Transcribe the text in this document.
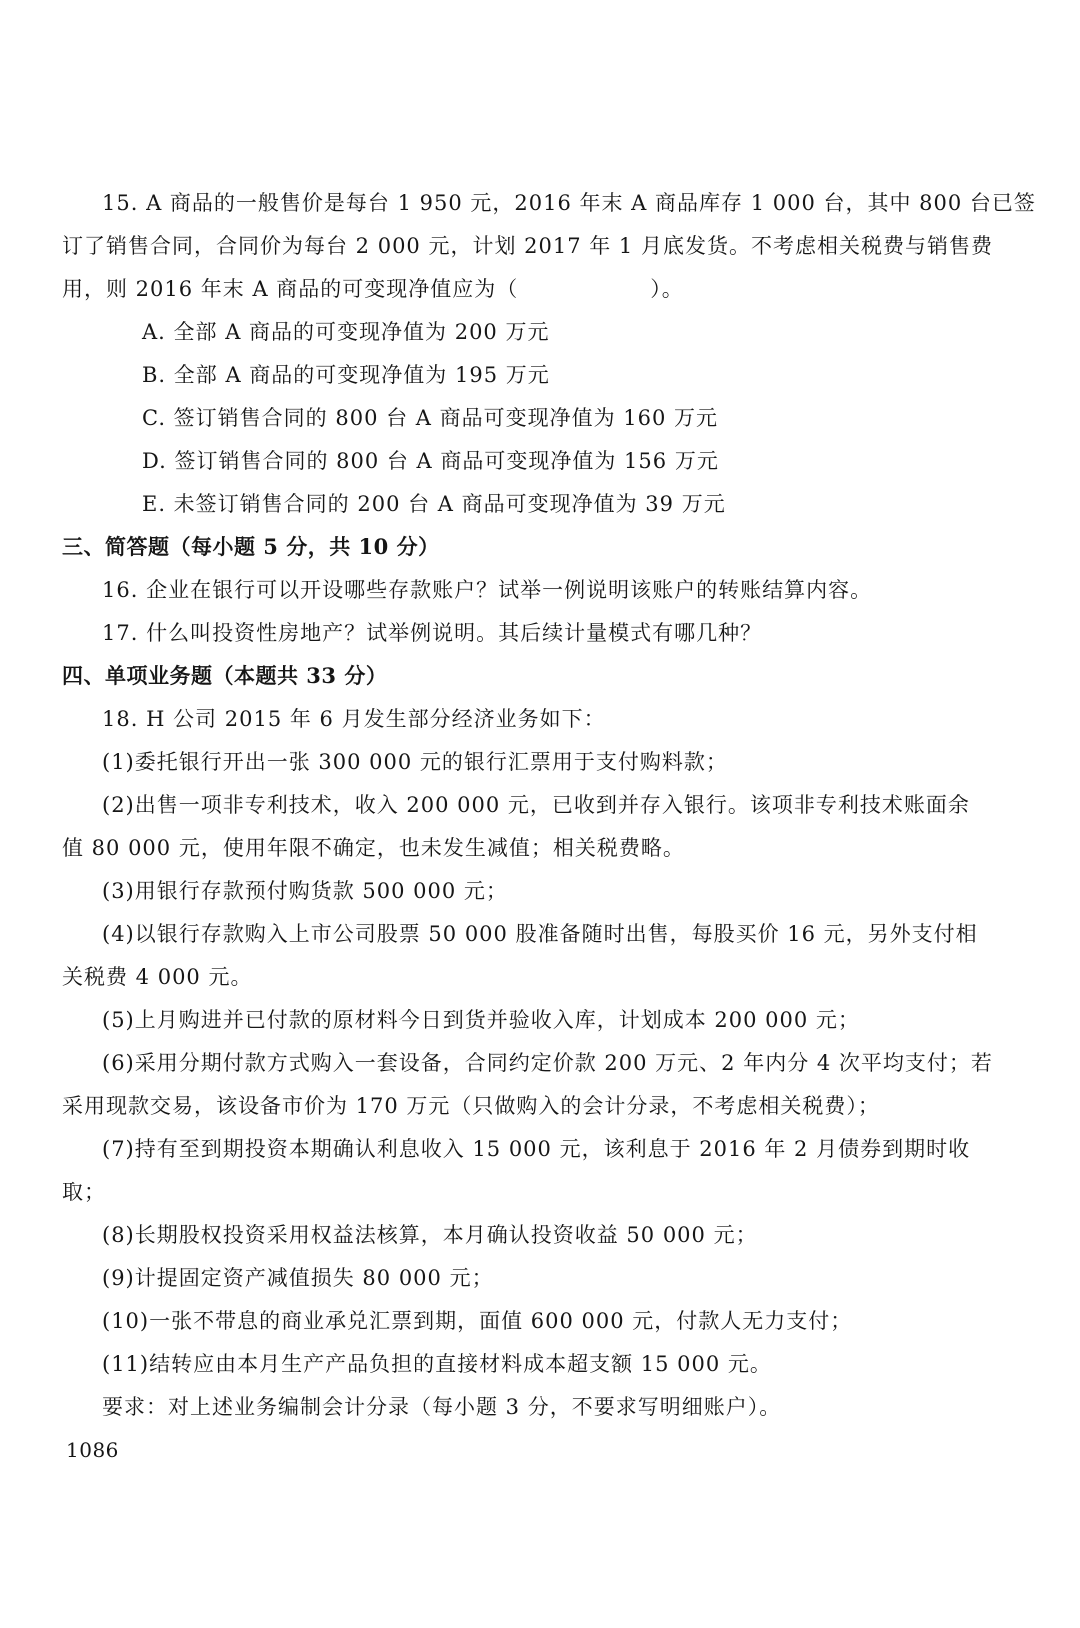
15. A 商品的一般售价是每台 1 950 元，2016 年末 A 商品库存 1 000 台，其中 800 台已签
订了销售合同，合同价为每台 2 000 元，计划 2017 年 1 月底发货。不考虑相关税费与销售费
用，则 2016 年末 A 商品的可变现净值应为（　　　　　　）。
A. 全部 A 商品的可变现净值为 200 万元
B. 全部 A 商品的可变现净值为 195 万元
C. 签订销售合同的 800 台 A 商品可变现净值为 160 万元
D. 签订销售合同的 800 台 A 商品可变现净值为 156 万元
E. 未签订销售合同的 200 台 A 商品可变现净值为 39 万元
三、简答题（每小题 5 分，共 10 分）
16. 企业在银行可以开设哪些存款账户？试举一例说明该账户的转账结算内容。
17. 什么叫投资性房地产？试举例说明。其后续计量模式有哪几种？
四、单项业务题（本题共 33 分）
18. H 公司 2015 年 6 月发生部分经济业务如下：
(1)委托银行开出一张 300 000 元的银行汇票用于支付购料款；
(2)出售一项非专利技术，收入 200 000 元，已收到并存入银行。该项非专利技术账面余
值 80 000 元，使用年限不确定，也未发生减值；相关税费略。
(3)用银行存款预付购货款 500 000 元；
(4)以银行存款购入上市公司股票 50 000 股准备随时出售，每股买价 16 元，另外支付相
关税费 4 000 元。
(5)上月购进并已付款的原材料今日到货并验收入库，计划成本 200 000 元；
(6)采用分期付款方式购入一套设备，合同约定价款 200 万元、2 年内分 4 次平均支付；若
采用现款交易，该设备市价为 170 万元（只做购入的会计分录，不考虑相关税费）；
(7)持有至到期投资本期确认利息收入 15 000 元，该利息于 2016 年 2 月债券到期时收
取；
(8)长期股权投资采用权益法核算，本月确认投资收益 50 000 元；
(9)计提固定资产减值损失 80 000 元；
(10)一张不带息的商业承兑汇票到期，面值 600 000 元，付款人无力支付；
(11)结转应由本月生产产品负担的直接材料成本超支额 15 000 元。
要求：对上述业务编制会计分录（每小题 3 分，不要求写明细账户）。
1086
